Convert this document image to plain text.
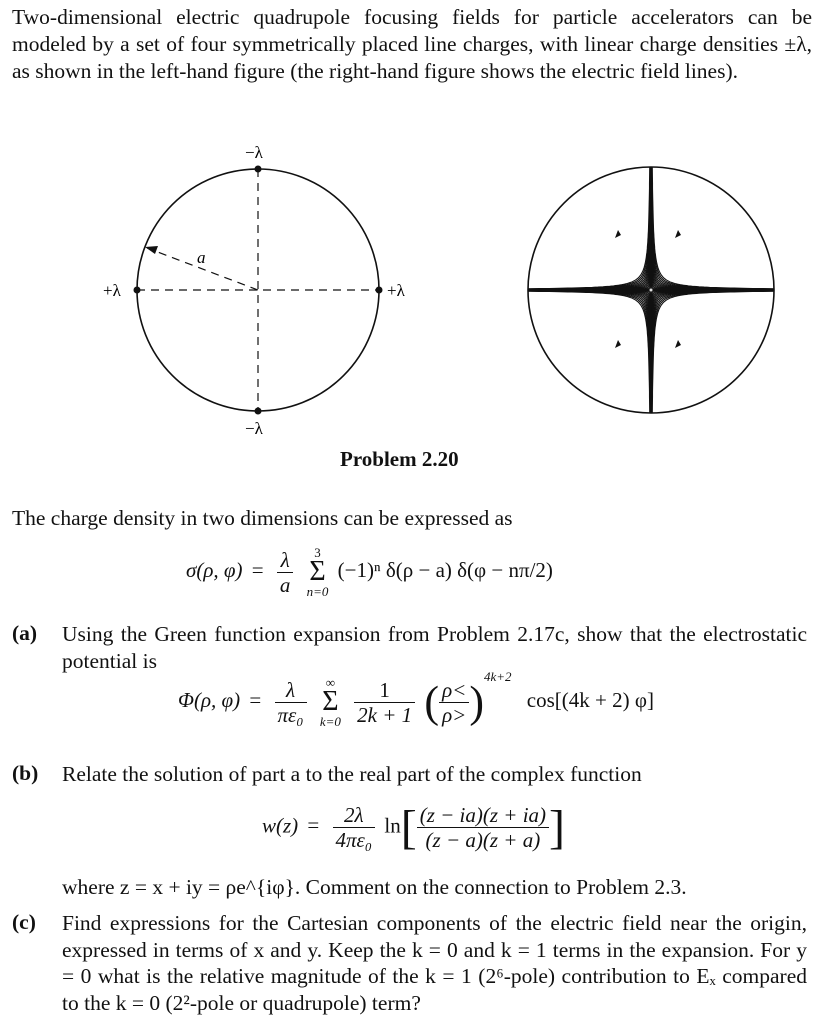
Two-dimensional electric quadrupole focusing fields for particle accelerators can be modeled by a set of four symmetrically placed line charges, with linear charge densities ±λ, as shown in the left-hand figure (the right-hand figure shows the electric field lines).
−λ
−λ
+λ	+λ
a
Problem 2.20
The charge density in two dimensions can be expressed as
σ(ρ, $\varphi) = \frac{\lambda}{a}$
	3
Σ
n=0
(−1)ⁿ δ(ρ − a) δ(φ − nπ/2)
(a) Using the Green function expansion from Problem 2.17c, show that the electrostatic potential is
Φ(ρ, $\varphi) = \frac{\lambda}{\text{πε₀}}$
	∞
Σ
k=0
$\frac{1}{2k + 1}$ ( $\frac{\rho<}{\rho>} )^{4k+2}$ cos[(4k + 2) φ]
(b) Relate the solution of part a to the real part of the complex function
$w(z) = \frac{2\lambda}{\text{4πε₀}} \ln[ \frac{(z - ia)(z + ia)}{(z - a)(z + a)}$ ]
where z = x + iy = ρe^{iφ}. Comment on the connection to Problem 2.3.
(c) Find expressions for the Cartesian components of the electric field near the origin, expressed in terms of x and y. Keep the k = 0 and k = 1 terms in the expansion. For y = 0 what is the relative magnitude of the k = 1 (2⁶-pole) contribution to Eₓ compared to the k = 0 (2²-pole or quadrupole) term?
